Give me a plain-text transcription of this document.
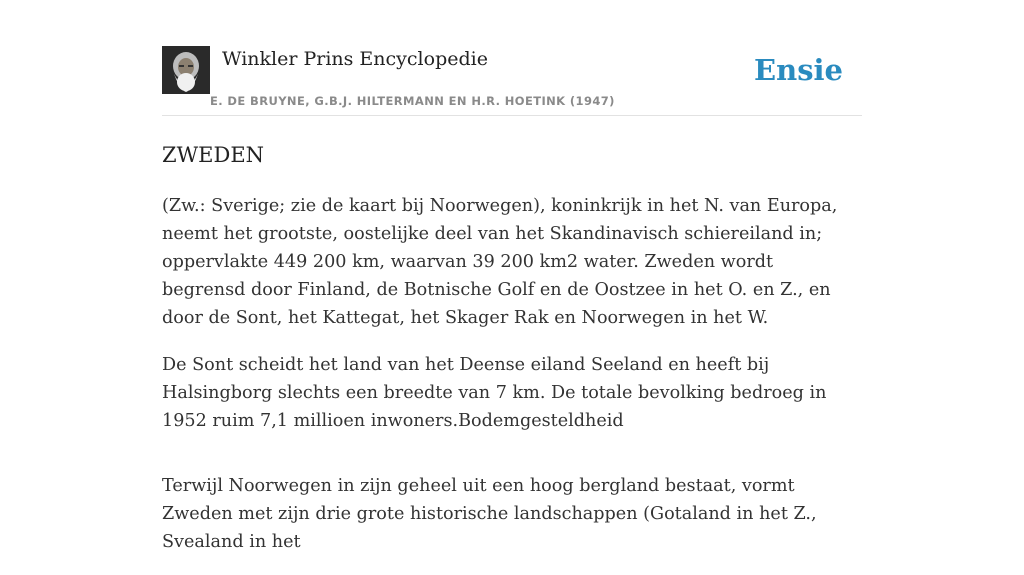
Winkler Prins Encyclopedie
E. DE BRUYNE, G.B.J. HILTERMANN EN H.R. HOETINK (1947)
Ensie
ZWEDEN

(Zw.: Sverige; zie de kaart bij Noorwegen), koninkrijk in het N. van Europa, neemt het grootste, oostelijke deel van het Skandinavisch schiereiland in; oppervlakte 449 200 km, waarvan 39 200 km2 water. Zweden wordt begrensd door Finland, de Botnische Golf en de Oostzee in het O. en Z., en door de Sont, het Kattegat, het Skager Rak en Noorwegen in het W.

De Sont scheidt het land van het Deense eiland Seeland en heeft bij Halsingborg slechts een breedte van 7 km. De totale bevolking bedroeg in 1952 ruim 7,1 millioen inwoners.Bodemgesteldheid

Terwijl Noorwegen in zijn geheel uit een hoog bergland bestaat, vormt Zweden met zijn drie grote historische landschappen (Gotaland in het Z., Svealand in het
